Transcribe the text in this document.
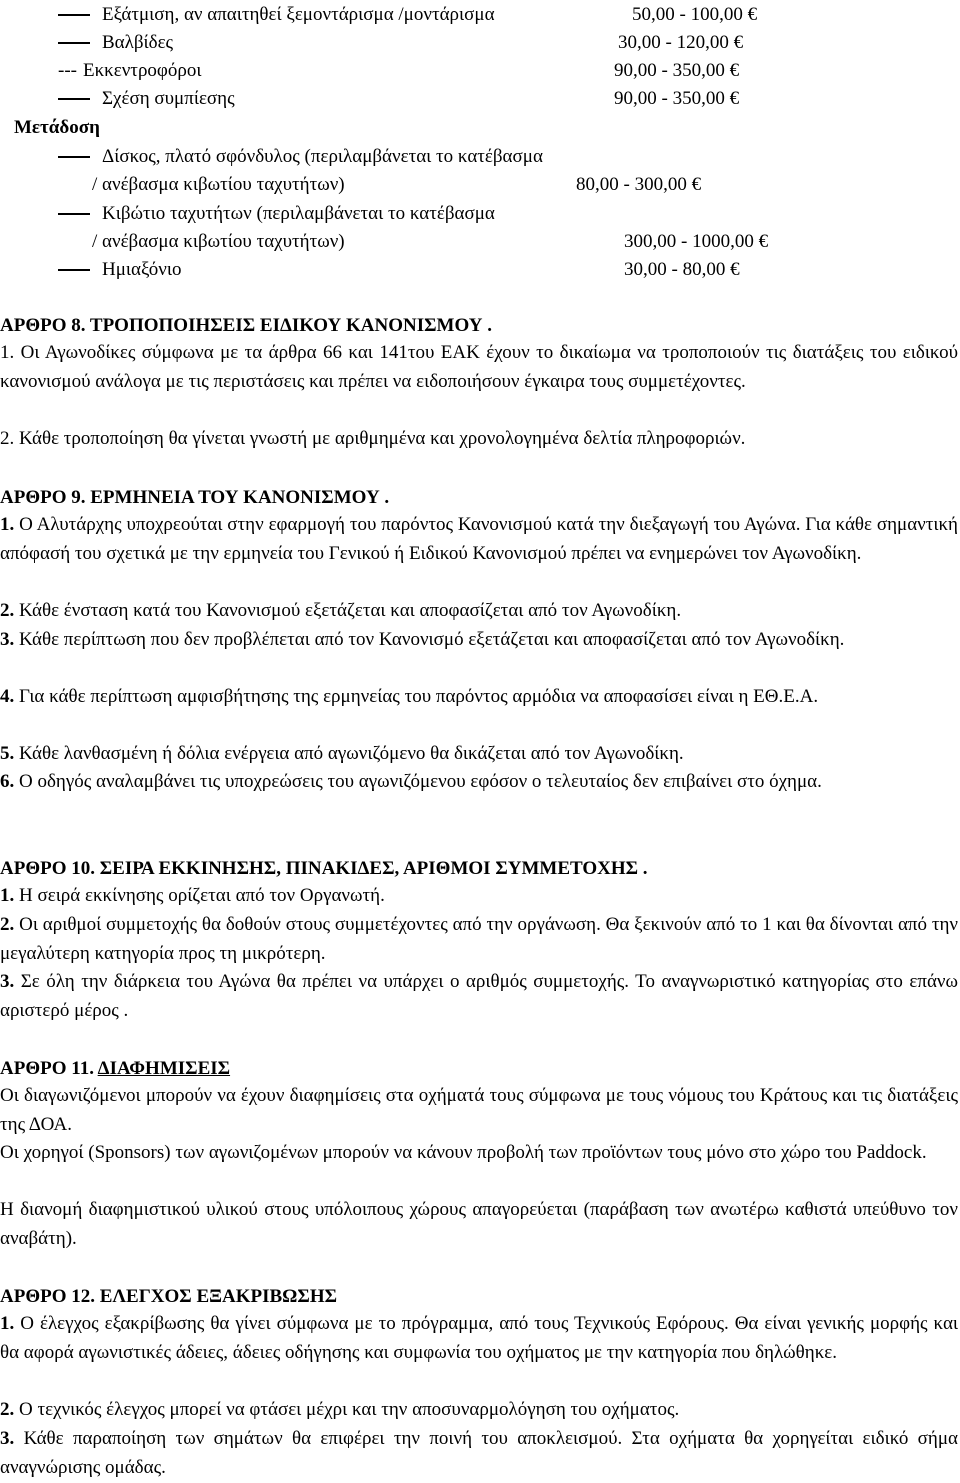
Εξάτμιση, αν απαιτηθεί ξεμοντάρισμα /μοντάρισμα	50,00 - 100,00 €
Βαλβίδες	30,00 - 120,00 €
--- Εκκεντροφόροι	90,00 - 350,00 €
Σχέση συμπίεσης	90,00 - 350,00 €
Μετάδοση
Δίσκος, πλατό σφόνδυλος (περιλαμβάνεται το κατέβασμα
/ ανέβασμα κιβωτίου ταχυτήτων)	80,00 - 300,00 €
Κιβώτιο ταχυτήτων (περιλαμβάνεται το κατέβασμα
/ ανέβασμα κιβωτίου ταχυτήτων)	300,00 - 1000,00 €
Ημιαξόνιο	30,00 - 80,00 €
ΑΡΘΡΟ 8. ΤΡΟΠΟΠΟΙΗΣΕΙΣ ΕΙΔΙΚΟΥ ΚΑΝΟΝΙΣΜΟΥ .
1. Οι Αγωνοδίκες σύμφωνα με τα άρθρα 66 και 141του ΕΑΚ έχουν το δικαίωμα να τροποποιούν τις διατάξεις του ειδικού κανονισμού ανάλογα με τις περιστάσεις και πρέπει να ειδοποιήσουν έγκαιρα τους συμμετέχοντες.
2. Κάθε τροποποίηση θα γίνεται γνωστή με αριθμημένα και χρονολογημένα δελτία πληροφοριών.
ΑΡΘΡΟ 9. ΕΡΜΗΝΕΙΑ ΤΟΥ ΚΑΝΟΝΙΣΜΟΥ .
1. Ο Αλυτάρχης υποχρεούται στην εφαρμογή του παρόντος Κανονισμού κατά την διεξαγωγή του Αγώνα. Για κάθε σημαντική απόφασή του σχετικά με την ερμηνεία του Γενικού ή Ειδικού Κανονισμού πρέπει να ενημερώνει τον Αγωνοδίκη.
2. Κάθε ένσταση κατά του Κανονισμού εξετάζεται και αποφασίζεται από τον Αγωνοδίκη.
3. Κάθε περίπτωση που δεν προβλέπεται από τον Κανονισμό εξετάζεται και αποφασίζεται από τον Αγωνοδίκη.
4. Για κάθε περίπτωση αμφισβήτησης της ερμηνείας του παρόντος αρμόδια να αποφασίσει είναι η ΕΘ.Ε.Α.
5. Κάθε λανθασμένη ή δόλια ενέργεια από αγωνιζόμενο θα δικάζεται από τον Αγωνοδίκη.
6. Ο οδηγός αναλαμβάνει τις υποχρεώσεις του αγωνιζόμενου εφόσον ο τελευταίος δεν επιβαίνει στο όχημα.
ΑΡΘΡΟ 10. ΣΕΙΡΑ ΕΚΚΙΝΗΣΗΣ, ΠΙΝΑΚΙΔΕΣ, ΑΡΙΘΜΟΙ ΣΥΜΜΕΤΟΧΗΣ .
1. Η σειρά εκκίνησης ορίζεται από τον Οργανωτή.
2. Οι αριθμοί συμμετοχής θα δοθούν στους συμμετέχοντες από την οργάνωση. Θα ξεκινούν από το 1 και θα δίνονται από την μεγαλύτερη κατηγορία προς τη μικρότερη.
3. Σε όλη την διάρκεια του Αγώνα θα πρέπει να υπάρχει ο αριθμός συμμετοχής. Το αναγνωριστικό κατηγορίας στο επάνω αριστερό μέρος .
ΑΡΘΡΟ 11. ΔΙΑΦΗΜΙΣΕΙΣ
Οι διαγωνιζόμενοι μπορούν να έχουν διαφημίσεις στα οχήματά τους σύμφωνα με τους νόμους του Κράτους και τις διατάξεις της ΔΟΑ.
Οι χορηγοί (Sponsors) των αγωνιζομένων μπορούν να κάνουν προβολή των προϊόντων τους μόνο στο χώρο του Paddock.
Η διανομή διαφημιστικού υλικού στους υπόλοιπους χώρους απαγορεύεται (παράβαση των ανωτέρω καθιστά υπεύθυνο τον αναβάτη).
ΑΡΘΡΟ 12. ΕΛΕΓΧΟΣ ΕΞΑΚΡΙΒΩΣΗΣ
1. Ο έλεγχος εξακρίβωσης θα γίνει σύμφωνα με το πρόγραμμα, από τους Τεχνικούς Εφόρους. Θα είναι γενικής μορφής και θα αφορά αγωνιστικές άδειες, άδειες οδήγησης και συμφωνία του οχήματος με την κατηγορία που δηλώθηκε.
2. Ο τεχνικός έλεγχος μπορεί να φτάσει μέχρι και την αποσυναρμολόγηση του οχήματος.
3. Κάθε παραποίηση των σημάτων θα επιφέρει την ποινή του αποκλεισμού. Στα οχήματα θα χορηγείται ειδικό σήμα αναγνώρισης ομάδας.
